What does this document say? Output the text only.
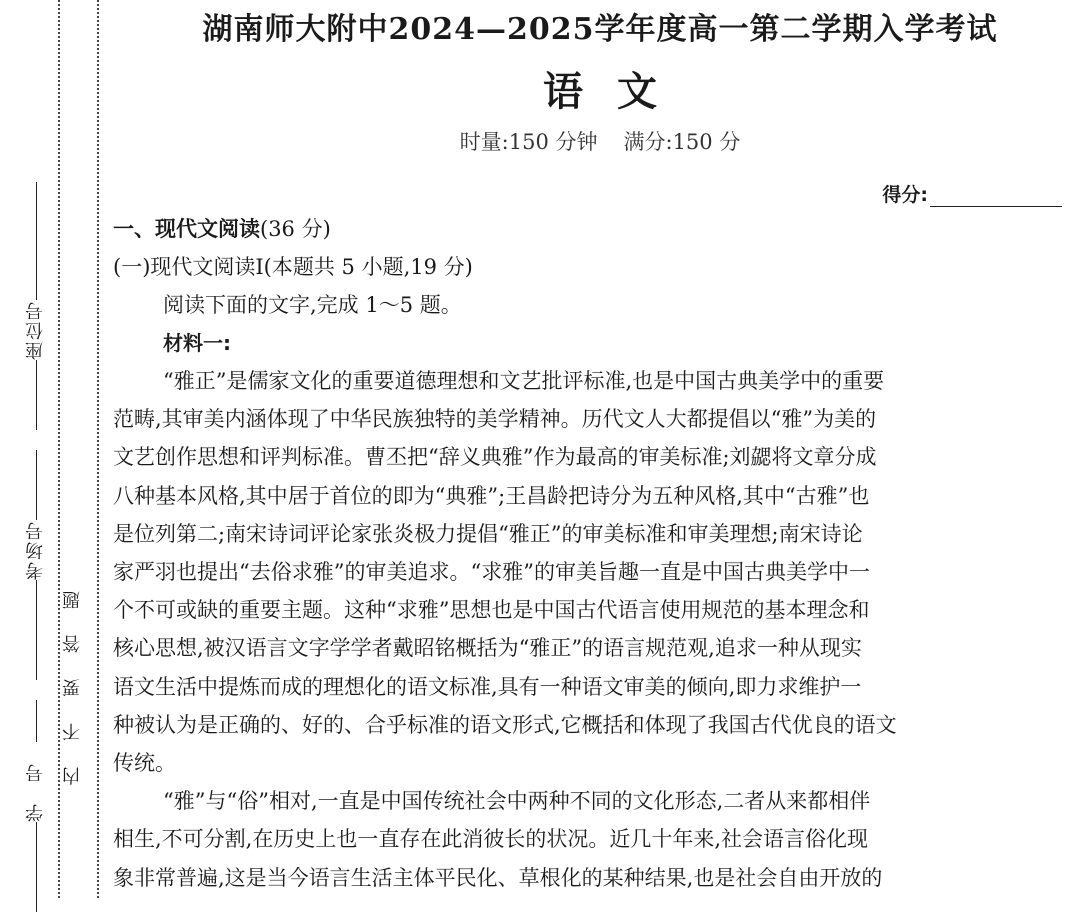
座位号
考场号
学号 内不要答题
湖南师大附中2024—2025学年度高一第二学期入学考试
语文
时量:150 分钟 满分:150 分
得分:
一、现代文阅读(36 分)
(一)现代文阅读Ⅰ(本题共 5 小题,19 分)
阅读下面的文字,完成 1～5 题。
材料一:
“雅正”是儒家文化的重要道德理想和文艺批评标准,也是中国古典美学中的重要
范畴,其审美内涵体现了中华民族独特的美学精神。历代文人大都提倡以“雅”为美的
文艺创作思想和评判标准。曹丕把“辞义典雅”作为最高的审美标准;刘勰将文章分成
八种基本风格,其中居于首位的即为“典雅”;王昌龄把诗分为五种风格,其中“古雅”也
是位列第二;南宋诗词评论家张炎极力提倡“雅正”的审美标准和审美理想;南宋诗论
家严羽也提出“去俗求雅”的审美追求。“求雅”的审美旨趣一直是中国古典美学中一
个不可或缺的重要主题。这种“求雅”思想也是中国古代语言使用规范的基本理念和
核心思想,被汉语言文字学学者戴昭铭概括为“雅正”的语言规范观,追求一种从现实
语文生活中提炼而成的理想化的语文标准,具有一种语文审美的倾向,即力求维护一
种被认为是正确的、好的、合乎标准的语文形式,它概括和体现了我国古代优良的语文
传统。
“雅”与“俗”相对,一直是中国传统社会中两种不同的文化形态,二者从来都相伴
相生,不可分割,在历史上也一直存在此消彼长的状况。近几十年来,社会语言俗化现
象非常普遍,这是当今语言生活主体平民化、草根化的某种结果,也是社会自由开放的
